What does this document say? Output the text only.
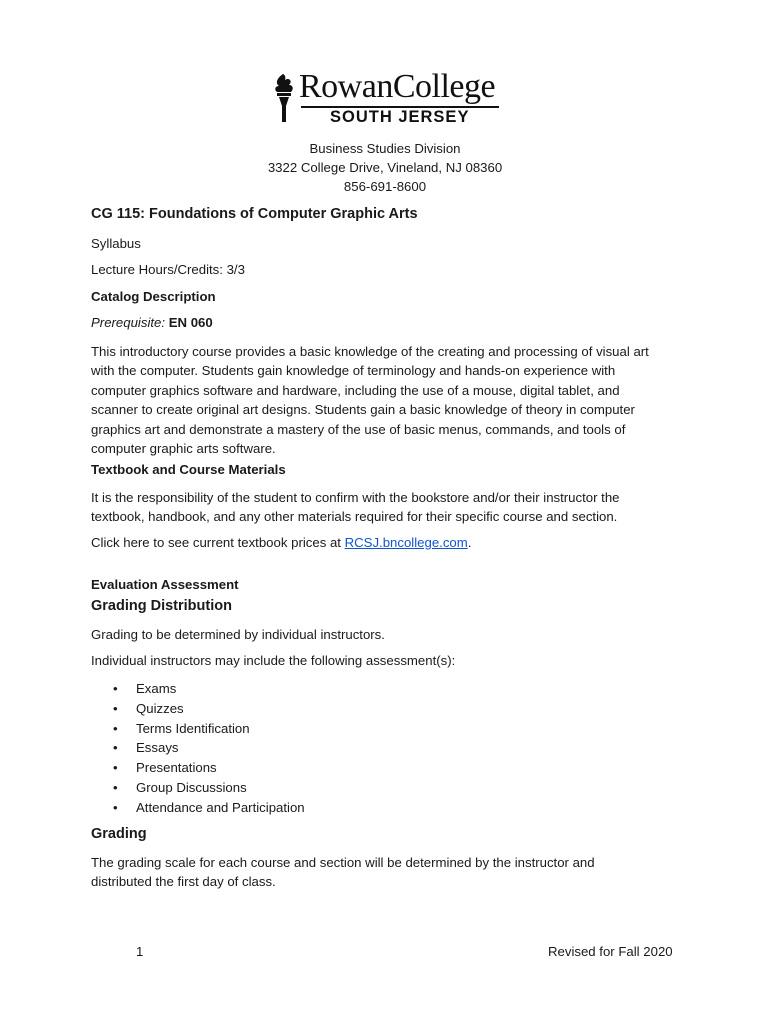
RowanCollege
SOUTH JERSEY
Business Studies Division
3322 College Drive, Vineland, NJ 08360
856-691-8600
CG 115: Foundations of Computer Graphic Arts
Syllabus
Lecture Hours/Credits: 3/3
Catalog Description
Prerequisite: EN 060
This introductory course provides a basic knowledge of the creating and processing of visual art
with the computer. Students gain knowledge of terminology and hands-on experience with
computer graphics software and hardware, including the use of a mouse, digital tablet, and
scanner to create original art designs. Students gain a basic knowledge of theory in computer
graphics art and demonstrate a mastery of the use of basic menus, commands, and tools of
computer graphic arts software.
Textbook and Course Materials
It is the responsibility of the student to confirm with the bookstore and/or their instructor the
textbook, handbook, and any other materials required for their specific course and section.
Click here to see current textbook prices at RCSJ.bncollege.com.
Evaluation Assessment
Grading Distribution
Grading to be determined by individual instructors.
Individual instructors may include the following assessment(s):
• Exams
• Quizzes
• Terms Identification
• Essays
• Presentations
• Group Discussions
• Attendance and Participation
Grading
The grading scale for each course and section will be determined by the instructor and
distributed the first day of class.
1	Revised for Fall 2020
